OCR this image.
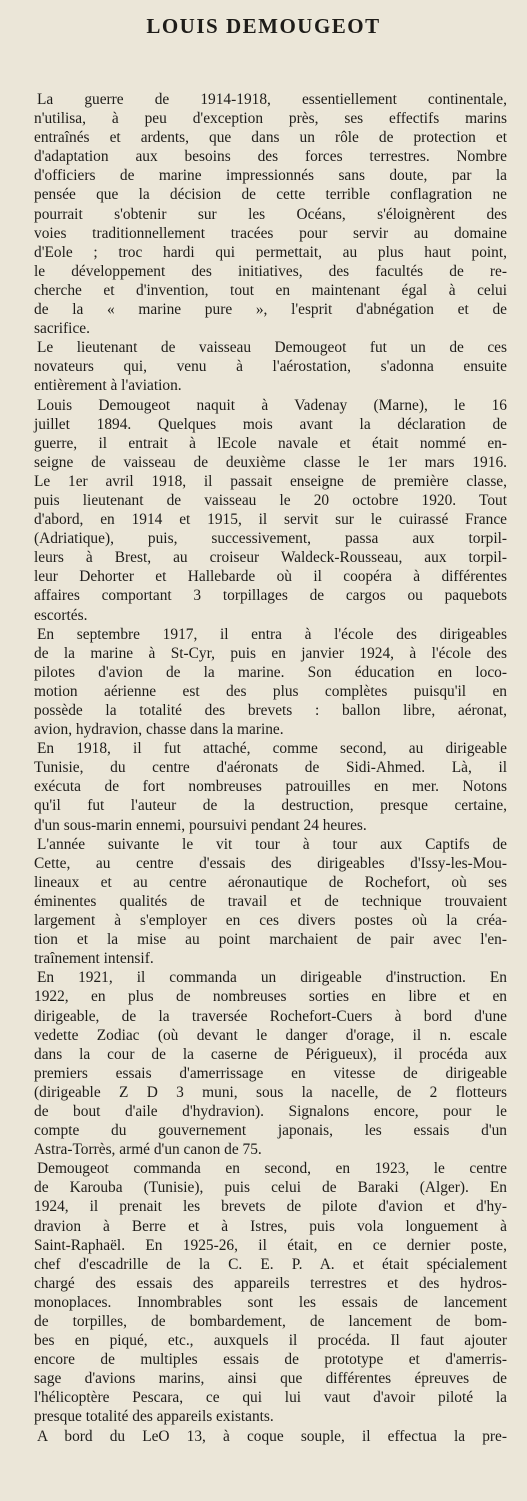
LOUIS DEMOUGEOT
La guerre de 1914-1918, essentiellement continentale,
n'utilisa, à peu d'exception près, ses effectifs marins
entraînés et ardents, que dans un rôle de protection et
d'adaptation aux besoins des forces terrestres. Nombre
d'officiers de marine impressionnés sans doute, par la
pensée que la décision de cette terrible conflagration ne
pourrait s'obtenir sur les Océans, s'éloignèrent des
voies traditionnellement tracées pour servir au domaine
d'Eole ; troc hardi qui permettait, au plus haut point,
le développement des initiatives, des facultés de re-
cherche et d'invention, tout en maintenant égal à celui
de la « marine pure », l'esprit d'abnégation et de
sacrifice.
Le lieutenant de vaisseau Demougeot fut un de ces
novateurs qui, venu à l'aérostation, s'adonna ensuite
entièrement à l'aviation.
Louis Demougeot naquit à Vadenay (Marne), le 16
juillet 1894. Quelques mois avant la déclaration de
guerre, il entrait à lEcole navale et était nommé en-
seigne de vaisseau de deuxième classe le 1er mars 1916.
Le 1er avril 1918, il passait enseigne de première classe,
puis lieutenant de vaisseau le 20 octobre 1920. Tout
d'abord, en 1914 et 1915, il servit sur le cuirassé France
(Adriatique), puis, successivement, passa aux torpil-
leurs à Brest, au croiseur Waldeck-Rousseau, aux torpil-
leur Dehorter et Hallebarde où il coopéra à différentes
affaires comportant 3 torpillages de cargos ou paquebots
escortés.
En septembre 1917, il entra à l'école des dirigeables
de la marine à St-Cyr, puis en janvier 1924, à l'école des
pilotes d'avion de la marine. Son éducation en loco-
motion aérienne est des plus complètes puisqu'il en
possède la totalité des brevets : ballon libre, aéronat,
avion, hydravion, chasse dans la marine.
En 1918, il fut attaché, comme second, au dirigeable
Tunisie, du centre d'aéronats de Sidi-Ahmed. Là, il
exécuta de fort nombreuses patrouilles en mer. Notons
qu'il fut l'auteur de la destruction, presque certaine,
d'un sous-marin ennemi, poursuivi pendant 24 heures.
L'année suivante le vit tour à tour aux Captifs de
Cette, au centre d'essais des dirigeables d'Issy-les-Mou-
lineaux et au centre aéronautique de Rochefort, où ses
éminentes qualités de travail et de technique trouvaient
largement à s'employer en ces divers postes où la créa-
tion et la mise au point marchaient de pair avec l'en-
traînement intensif.
En 1921, il commanda un dirigeable d'instruction. En
1922, en plus de nombreuses sorties en libre et en
dirigeable, de la traversée Rochefort-Cuers à bord d'une
vedette Zodiac (où devant le danger d'orage, il n. escale
dans la cour de la caserne de Périgueux), il procéda aux
premiers essais d'amerrissage en vitesse de dirigeable
(dirigeable Z D 3 muni, sous la nacelle, de 2 flotteurs
de bout d'aile d'hydravion). Signalons encore, pour le
compte du gouvernement japonais, les essais d'un
Astra-Torrès, armé d'un canon de 75.
Demougeot commanda en second, en 1923, le centre
de Karouba (Tunisie), puis celui de Baraki (Alger). En
1924, il prenait les brevets de pilote d'avion et d'hy-
dravion à Berre et à Istres, puis vola longuement à
Saint-Raphaël. En 1925-26, il était, en ce dernier poste,
chef d'escadrille de la C. E. P. A. et était spécialement
chargé des essais des appareils terrestres et des hydros-
monoplaces. Innombrables sont les essais de lancement
de torpilles, de bombardement, de lancement de bom-
bes en piqué, etc., auxquels il procéda. Il faut ajouter
encore de multiples essais de prototype et d'amerris-
sage d'avions marins, ainsi que différentes épreuves de
l'hélicoptère Pescara, ce qui lui vaut d'avoir piloté la
presque totalité des appareils existants.
A bord du LeO 13, à coque souple, il effectua la pre-
